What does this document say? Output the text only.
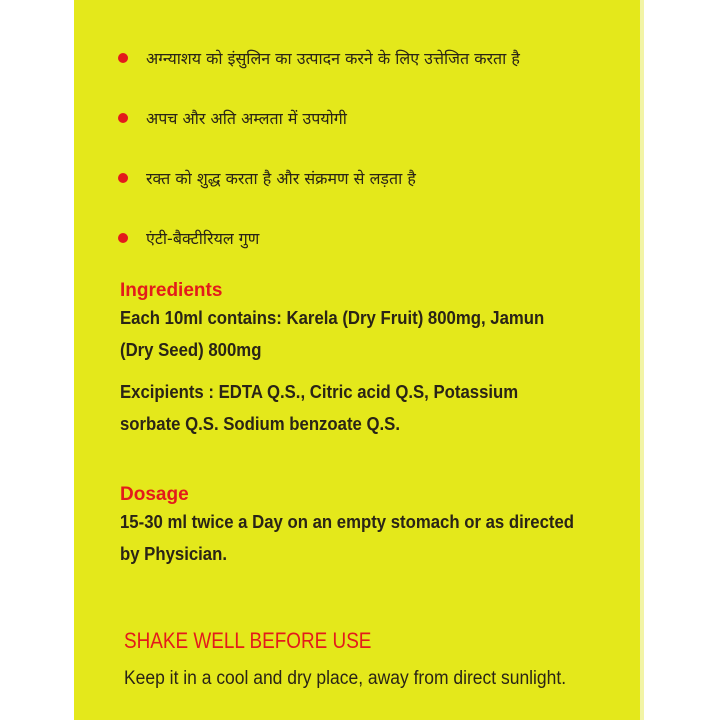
अग्न्याशय को इंसुलिन का उत्पादन करने के लिए उत्तेजित करता है
अपच और अति अम्लता में उपयोगी
रक्त को शुद्ध करता है और संक्रमण से लड़ता है
एंटी-बैक्टीरियल गुण
Ingredients
Each 10ml contains: Karela (Dry Fruit) 800mg, Jamun
(Dry Seed) 800mg
Excipients : EDTA Q.S., Citric acid Q.S, Potassium
sorbate Q.S. Sodium benzoate Q.S.
Dosage
15-30 ml twice a Day on an empty stomach or as directed
by Physician.
SHAKE WELL BEFORE USE
Keep it in a cool and dry place, away from direct sunlight.
